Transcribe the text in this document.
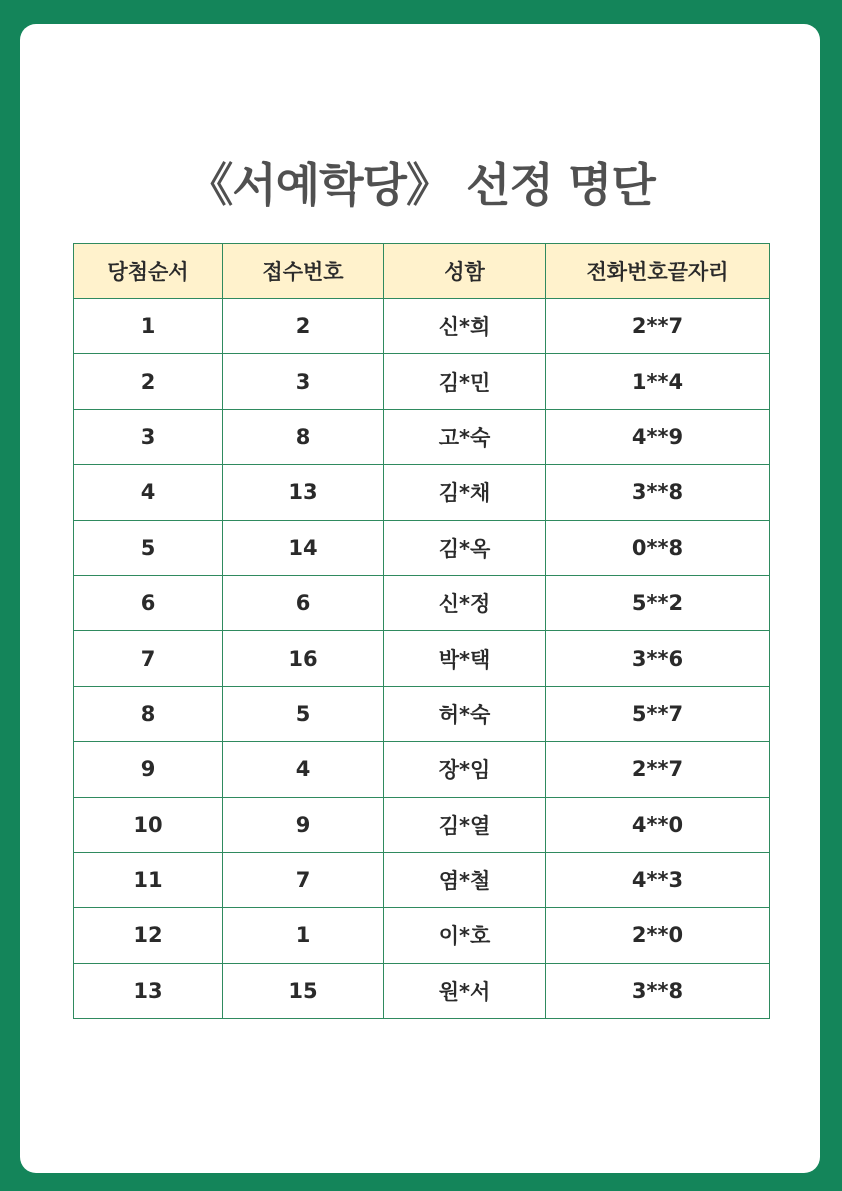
《서예학당》 선정 명단
당첨순서	접수번호	성함	전화번호끝자리
1	2	신*희	2**7
2	3	김*민	1**4
3	8	고*숙	4**9
4	13	김*채	3**8
5	14	김*옥	0**8
6	6	신*정	5**2
7	16	박*택	3**6
8	5	허*숙	5**7
9	4	장*임	2**7
10	9	김*열	4**0
11	7	염*철	4**3
12	1	이*호	2**0
13	15	원*서	3**8
